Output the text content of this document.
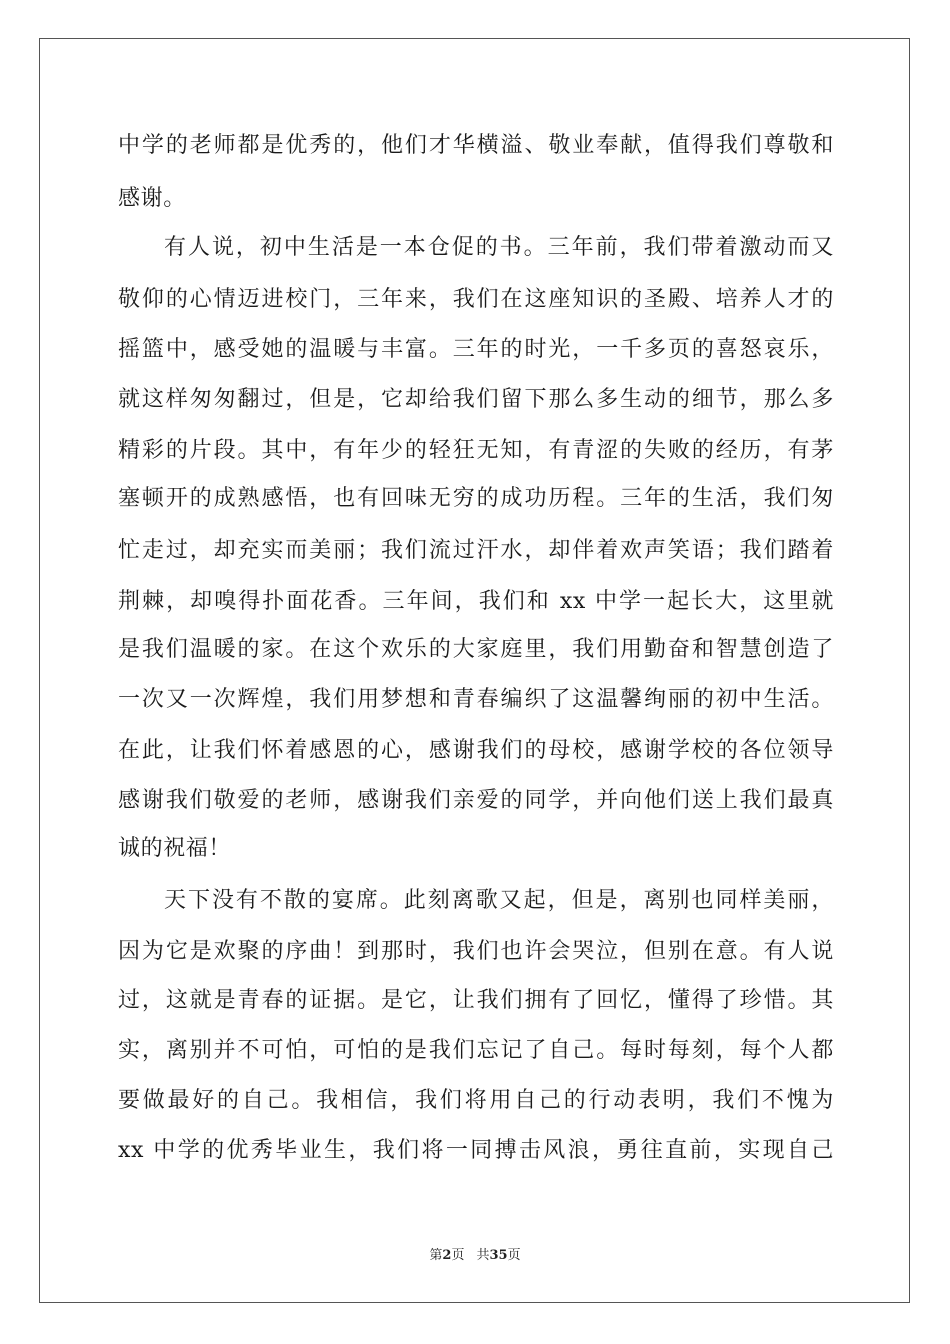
中学的老师都是优秀的，他们才华横溢、敬业奉献，值得我们尊敬和
感谢。
有人说，初中生活是一本仓促的书。三年前，我们带着激动而又
敬仰的心情迈进校门，三年来，我们在这座知识的圣殿、培养人才的
摇篮中，感受她的温暖与丰富。三年的时光，一千多页的喜怒哀乐，
就这样匆匆翻过，但是，它却给我们留下那么多生动的细节，那么多
精彩的片段。其中，有年少的轻狂无知，有青涩的失败的经历，有茅
塞顿开的成熟感悟，也有回味无穷的成功历程。三年的生活，我们匆
忙走过，却充实而美丽；我们流过汗水，却伴着欢声笑语；我们踏着
荆棘，却嗅得扑面花香。三年间，我们和 xx 中学一起长大，这里就
是我们温暖的家。在这个欢乐的大家庭里，我们用勤奋和智慧创造了
一次又一次辉煌，我们用梦想和青春编织了这温馨绚丽的初中生活。
在此，让我们怀着感恩的心，感谢我们的母校，感谢学校的各位领导
感谢我们敬爱的老师，感谢我们亲爱的同学，并向他们送上我们最真
诚的祝福！
天下没有不散的宴席。此刻离歌又起，但是，离别也同样美丽，
因为它是欢聚的序曲！到那时，我们也许会哭泣，但别在意。有人说
过，这就是青春的证据。是它，让我们拥有了回忆，懂得了珍惜。其
实，离别并不可怕，可怕的是我们忘记了自己。每时每刻，每个人都
要做最好的自己。我相信，我们将用自己的行动表明，我们不愧为
xx 中学的优秀毕业生，我们将一同搏击风浪，勇往直前，实现自己
第2页 共35页
